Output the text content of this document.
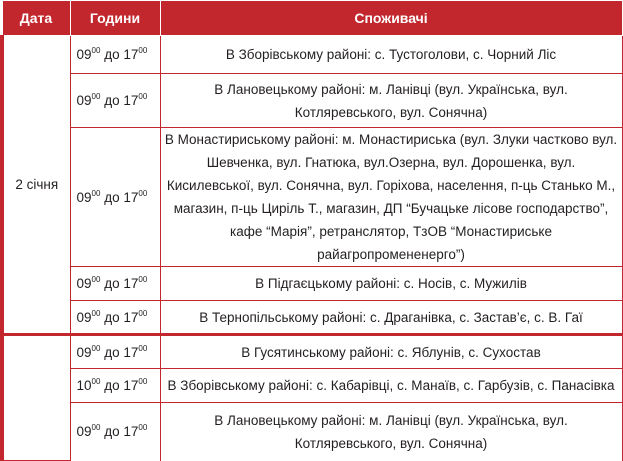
Дата	Години	Споживачі
2 січня	$09^{00}$ до $17^{00}$	В Зборівському районі: с. Тустоголови, с. Чорний Ліс
	$09^{00}$ до $17^{00}$	В Лановецькому районі: м. Ланівці (вул. Українська, вул. Котляревського, вул. Сонячна)
	$09^{00}$ до $17^{00}$	В Монастириському районі: м. Монастириська (вул. Злуки частково вул. Шевченка, вул. Гнатюка, вул.Озерна, вул. Дорошенка, вул. Кисилевської, вул. Сонячна, вул. Горіхова, населення, п-ць Станько М., магазин, п-ць Циріль Т., магазин, ДП “Бучацьке лісове господарство”, кафе “Марія”, ретранслятор, ТзОВ “Монастириське райагропромененерго”)
	$09^{00}$ до $17^{00}$	В Підгаєцькому районі: с. Носів, с. Мужилів
	$09^{00}$ до $17^{00}$	В Тернопільському районі: с. Драганівка, с. Застав’є, с. В. Гаї
	$09^{00}$ до $17^{00}$	В Гусятинському районі: с. Яблунів, с. Сухостав
	$10^{00}$ до $17^{00}$	В Зборівському районі: с. Кабарівці, с. Манаїв, с. Гарбузів, с. Панасівка
	$09^{00}$ до $17^{00}$	В Лановецькому районі: м. Ланівці (вул. Українська, вул. Котляревського, вул. Сонячна)
